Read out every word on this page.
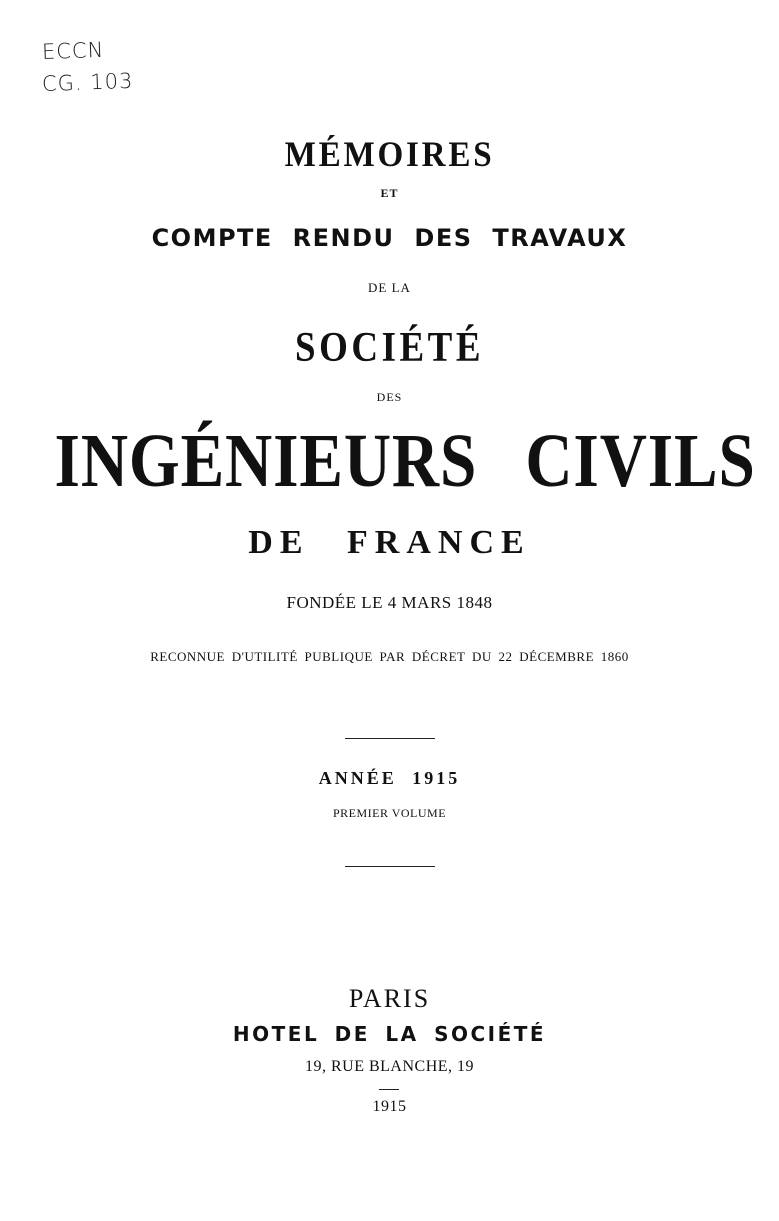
ECCN
CG. 103
MÉMOIRES
ET
COMPTE RENDU DES TRAVAUX
DE LA
SOCIÉTÉ
DES
INGÉNIEURS CIVILS
DE FRANCE
FONDÉE LE 4 MARS 1848
RECONNUE D'UTILITÉ PUBLIQUE PAR DÉCRET DU 22 DÉCEMBRE 1860
ANNÉE 1915
PREMIER VOLUME
PARIS
HOTEL DE LA SOCIÉTÉ
19, RUE BLANCHE, 19
1915
